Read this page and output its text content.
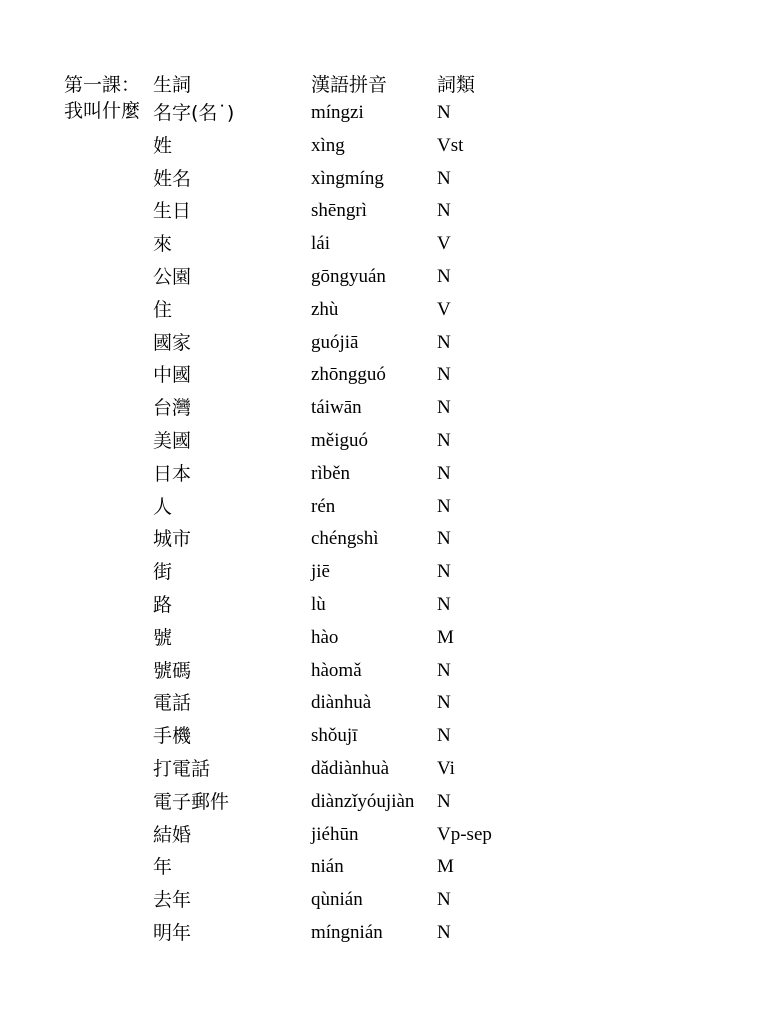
第一課：我叫什麼
生詞	漢語拼音	詞類
名字(名˙)	míngzi	N
姓	xìng	Vst
姓名	xìngmíng	N
生日	shēngrì	N
來	lái	V
公園	gōngyuán	N
住	zhù	V
國家	guójiā	N
中國	zhōngguó	N
台灣	táiwān	N
美國	měiguó	N
日本	rìběn	N
人	rén	N
城市	chéngshì	N
街	jiē	N
路	lù	N
號	hào	M
號碼	hàomǎ	N
電話	diànhuà	N
手機	shǒujī	N
打電話	dǎdiànhuà	Vi
電子郵件	diànzǐyóujiàn N
結婚	jiéhūn	Vp-sep
年	nián	M
去年	qùnián	N
明年	míngnián	N
